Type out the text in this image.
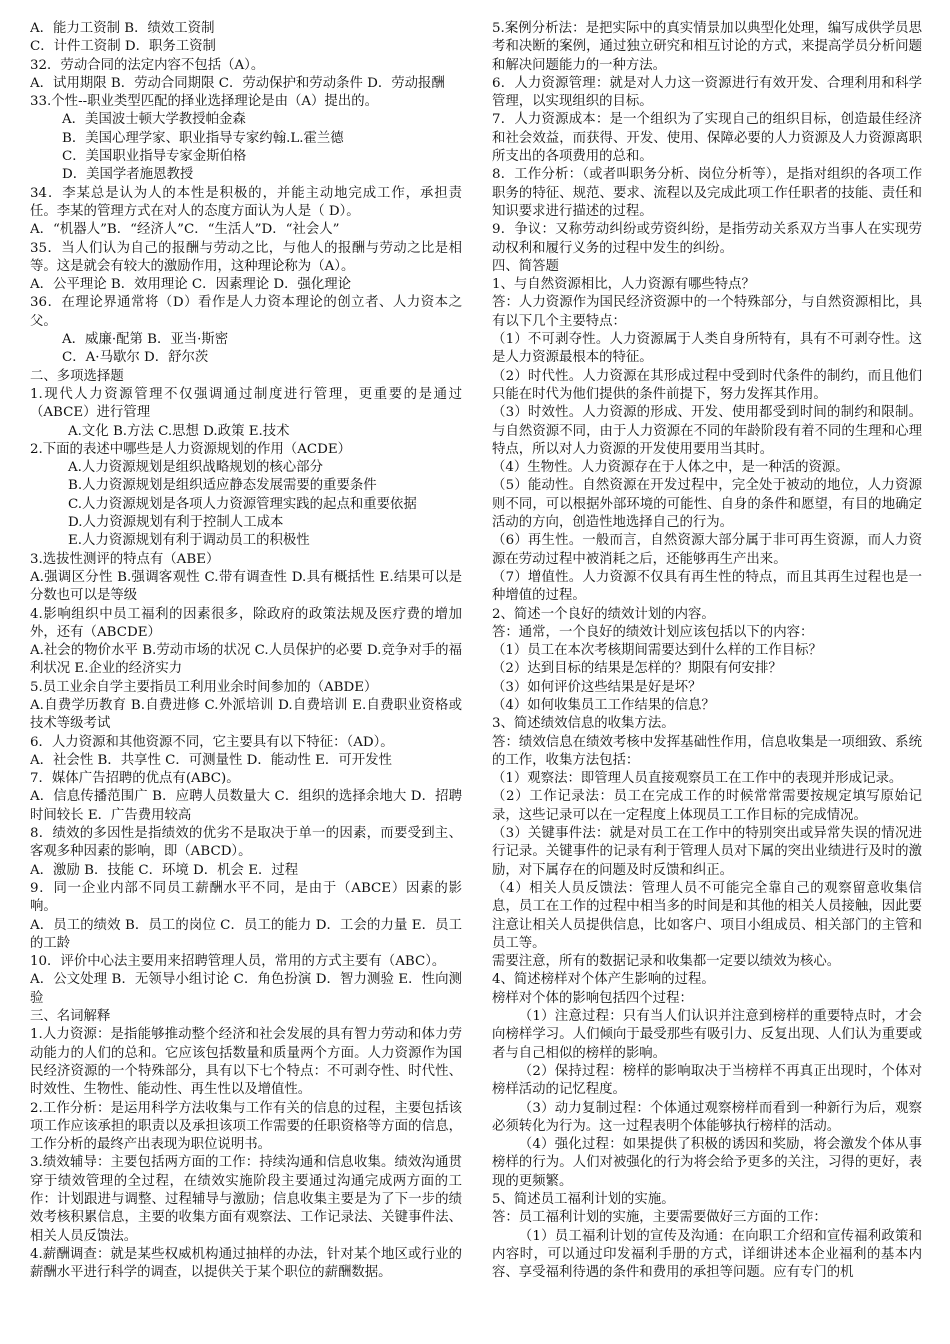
A．能力工资制 B．绩效工资制

C．计件工资制 D．职务工资制

32．劳动合同的法定内容不包括（A）。

A．试用期限 B．劳动合同期限 C．劳动保护和劳动条件 D．劳动报酬

33.个性--职业类型匹配的择业选择理论是由（A）提出的。

A．美国波士顿大学教授帕金森

B．美国心理学家、职业指导专家约翰.L.霍兰德

C．美国职业指导专家金斯伯格

D．美国学者施恩教授

34．李某总是认为人的本性是积极的，并能主动地完成工作，承担责任。李某的管理方式在对人的态度方面认为人是（ D）。

A．“机器人”B．“经济人”C．“生活人”D．“社会人”

35．当人们认为自己的报酬与劳动之比，与他人的报酬与劳动之比是相等。这是就会有较大的激励作用，这种理论称为（A）。

A．公平理论 B．效用理论 C．因素理论 D．强化理论

36．在理论界通常将（D）看作是人力资本理论的创立者、人力资本之父。

A．威廉·配第 B．亚当·斯密

C．A·马歇尔 D．舒尔茨

二、多项选择题

1.现代人力资源管理不仅强调通过制度进行管理，更重要的是通过（ABCE）进行管理

A.文化 B.方法 C.思想 D.政策 E.技术

2.下面的表述中哪些是人力资源规划的作用（ACDE）

A.人力资源规划是组织战略规划的核心部分

B.人力资源规划是组织适应静态发展需要的重要条件

C.人力资源规划是各项人力资源管理实践的起点和重要依据

D.人力资源规划有利于控制人工成本

E.人力资源规划有利于调动员工的积极性

3.选拔性测评的特点有（ABE）

A.强调区分性 B.强调客观性 C.带有调查性 D.具有概括性 E.结果可以是分数也可以是等级

4.影响组织中员工福利的因素很多，除政府的政策法规及医疗费的增加外，还有（ABCDE）

A.社会的物价水平 B.劳动市场的状况 C.人员保护的必要 D.竞争对手的福利状况 E.企业的经济实力

5.员工业余自学主要指员工利用业余时间参加的（ABDE）

A.自费学历教育 B.自费进修 C.外派培训 D.自费培训 E.自费职业资格或技术等级考试

6．人力资源和其他资源不同，它主要具有以下特征：（AD）。

A．社会性 B．共享性 C．可测量性 D．能动性 E．可开发性

7．媒体广告招聘的优点有(ABC)。

A．信息传播范围广 B．应聘人员数量大 C．组织的选择余地大 D．招聘时间较长 E．广告费用较高

8．绩效的多因性是指绩效的优劣不是取决于单一的因素，而要受到主、客观多种因素的影响，即（ABCD）。

A．激励 B．技能 C．环境 D．机会 E．过程

9．同一企业内部不同员工薪酬水平不同，是由于（ABCE）因素的影响。

A．员工的绩效 B．员工的岗位 C．员工的能力 D．工会的力量 E．员工的工龄

10．评价中心法主要用来招聘管理人员，常用的方式主要有（ABC）。

A．公文处理 B．无领导小组讨论 C．角色扮演 D．智力测验 E．性向测验

三、名词解释

1.人力资源：是指能够推动整个经济和社会发展的具有智力劳动和体力劳动能力的人们的总和。它应该包括数量和质量两个方面。人力资源作为国民经济资源的一个特殊部分，具有以下七个特点：不可剥夺性、时代性、时效性、生物性、能动性、再生性以及增值性。

2.工作分析：是运用科学方法收集与工作有关的信息的过程，主要包括该项工作应该承担的职责以及承担该项工作需要的任职资格等方面的信息，工作分析的最终产出表现为职位说明书。

3.绩效辅导：主要包括两方面的工作：持续沟通和信息收集。绩效沟通贯穿于绩效管理的全过程，在绩效实施阶段主要通过沟通完成两方面的工作：计划跟进与调整、过程辅导与激励；信息收集主要是为了下一步的绩效考核积累信息，主要的收集方面有观察法、工作记录法、关键事件法、相关人员反馈法。

4.薪酬调查：就是某些权威机构通过抽样的办法，针对某个地区或行业的薪酬水平进行科学的调查，以提供关于某个职位的薪酬数据。

5.案例分析法：是把实际中的真实情景加以典型化处理，编写成供学员思考和决断的案例，通过独立研究和相互讨论的方式，来提高学员分析问题和解决问题能力的一种方法。

6．人力资源管理：就是对人力这一资源进行有效开发、合理利用和科学管理，以实现组织的目标。

7．人力资源成本：是一个组织为了实现自己的组织目标，创造最佳经济和社会效益，而获得、开发、使用、保障必要的人力资源及人力资源离职所支出的各项费用的总和。

8．工作分析：（或者叫职务分析、岗位分析等），是指对组织的各项工作职务的特征、规范、要求、流程以及完成此项工作任职者的技能、责任和知识要求进行描述的过程。

9．争议：又称劳动纠纷或劳资纠纷，是指劳动关系双方当事人在实现劳动权利和履行义务的过程中发生的纠纷。

四、简答题

1、与自然资源相比，人力资源有哪些特点？

答：人力资源作为国民经济资源中的一个特殊部分，与自然资源相比，具有以下几个主要特点：

（1）不可剥夺性。人力资源属于人类自身所特有，具有不可剥夺性。这是人力资源最根本的特征。

（2）时代性。人力资源在其形成过程中受到时代条件的制约，而且他们只能在时代为他们提供的条件前提下，努力发挥其作用。

（3）时效性。人力资源的形成、开发、使用都受到时间的制约和限制。与自然资源不同，由于人力资源在不同的年龄阶段有着不同的生理和心理特点，所以对人力资源的开发使用要用当其时。

（4）生物性。人力资源存在于人体之中，是一种活的资源。

（5）能动性。自然资源在开发过程中，完全处于被动的地位，人力资源则不同，可以根据外部环境的可能性、自身的条件和愿望，有目的地确定活动的方向，创造性地选择自己的行为。

（6）再生性。一般而言，自然资源大部分属于非可再生资源，而人力资源在劳动过程中被消耗之后，还能够再生产出来。

（7）增值性。人力资源不仅具有再生性的特点，而且其再生过程也是一种增值的过程。

2、简述一个良好的绩效计划的内容。

答：通常，一个良好的绩效计划应该包括以下的内容：

（1）员工在本次考核期间需要达到什么样的工作目标？

（2）达到目标的结果是怎样的？期限有何安排？

（3）如何评价这些结果是好是坏？

（4）如何收集员工工作结果的信息？

3、简述绩效信息的收集方法。

答：绩效信息在绩效考核中发挥基础性作用，信息收集是一项细致、系统的工作，收集方法包括：

（1）观察法：即管理人员直接观察员工在工作中的表现并形成记录。

（2）工作记录法：员工在完成工作的时候常常需要按规定填写原始记录，这些记录可以在一定程度上体现员工工作目标的完成情况。

（3）关键事件法：就是对员工在工作中的特别突出或异常失误的情况进行记录。关键事件的记录有利于管理人员对下属的突出业绩进行及时的激励，对下属存在的问题及时反馈和纠正。

（4）相关人员反馈法：管理人员不可能完全靠自己的观察留意收集信息，员工在工作的过程中相当多的时间是和其他的相关人员接触，因此要注意让相关人员提供信息，比如客户、项目小组成员、相关部门的主管和员工等。

需要注意，所有的数据记录和收集都一定要以绩效为核心。

4、简述榜样对个体产生影响的过程。

榜样对个体的影响包括四个过程：

（1）注意过程：只有当人们认识并注意到榜样的重要特点时，才会向榜样学习。人们倾向于最受那些有吸引力、反复出现、人们认为重要或者与自己相似的榜样的影响。

（2）保持过程：榜样的影响取决于当榜样不再真正出现时，个体对榜样活动的记忆程度。

（3）动力复制过程：个体通过观察榜样而看到一种新行为后，观察必须转化为行为。这一过程表明个体能够执行榜样的活动。

（4）强化过程：如果提供了积极的诱因和奖励，将会激发个体从事榜样的行为。人们对被强化的行为将会给予更多的关注，习得的更好，表现的更频繁。

5、简述员工福利计划的实施。

答：员工福利计划的实施，主要需要做好三方面的工作：

（1）员工福利计划的宣传及沟通：在向职工介绍和宣传福利政策和内容时，可以通过印发福利手册的方式，详细讲述本企业福利的基本内容、享受福利待遇的条件和费用的承担等问题。应有专门的机
